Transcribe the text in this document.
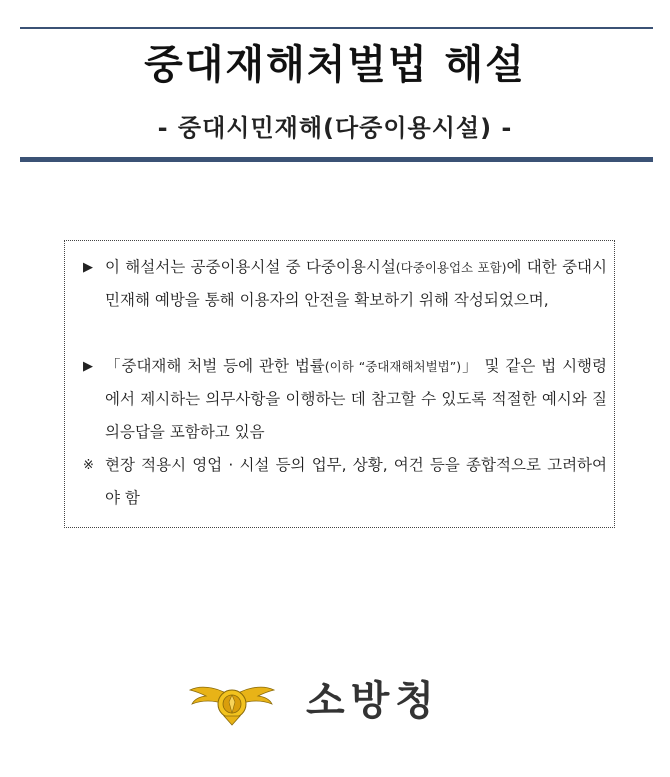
중대재해처벌법 해설
- 중대시민재해(다중이용시설) -
▶ 이 해설서는 공중이용시설 중 다중이용시설(다중이용업소 포함)에 대한 중대시민재해 예방을 통해 이용자의 안전을 확보하기 위해 작성되었으며,
▶ 「중대재해 처벌 등에 관한 법률(이하 “중대재해처벌법”)」 및 같은 법 시행령에서 제시하는 의무사항을 이행하는 데 참고할 수 있도록 적절한 예시와 질의응답을 포함하고 있음
※ 현장 적용시 영업 · 시설 등의 업무, 상황, 여건 등을 종합적으로 고려하여야 함
소방청
